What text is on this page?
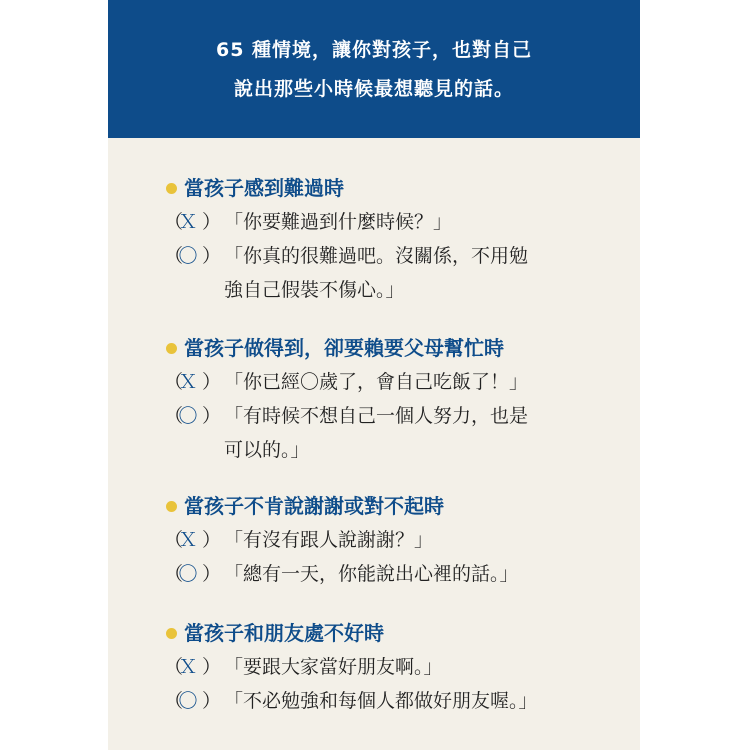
65 種情境，讓你對孩子，也對自己
說出那些小時候最想聽見的話。
當孩子感到難過時
（
Ｘ ） 「你要難過到什麼時候？」
（
〇 ） 「你真的很難過吧。沒關係，不用勉
強自己假裝不傷心。」
當孩子做得到，卻要賴要父母幫忙時
（
Ｘ ） 「你已經〇歲了，會自己吃飯了！」
（
〇 ） 「有時候不想自己一個人努力，也是
可以的。」
當孩子不肯說謝謝或對不起時
（
Ｘ ） 「有沒有跟人說謝謝？」
（
〇 ） 「總有一天，你能說出心裡的話。」
當孩子和朋友處不好時
（
Ｘ ） 「要跟大家當好朋友啊。」
（
〇 ） 「不必勉強和每個人都做好朋友喔。」
